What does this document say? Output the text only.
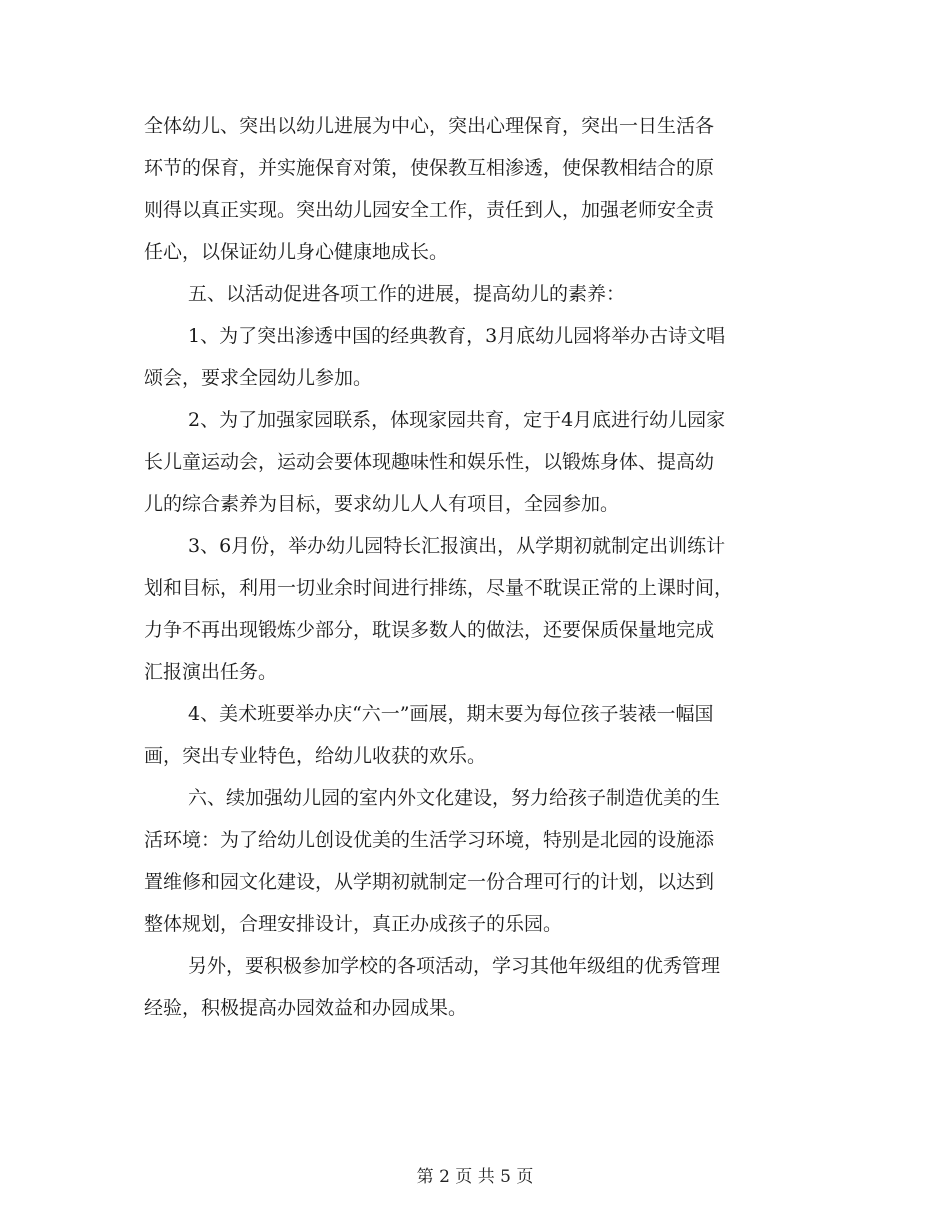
全体幼儿、突出以幼儿进展为中心，突出心理保育，突出一日生活各
环节的保育，并实施保育对策，使保教互相渗透，使保教相结合的原
则得以真正实现。突出幼儿园安全工作，责任到人，加强老师安全责
任心，以保证幼儿身心健康地成长。
五、以活动促进各项工作的进展，提高幼儿的素养：
1、为了突出渗透中国的经典教育，3月底幼儿园将举办古诗文唱
颂会，要求全园幼儿参加。
2、为了加强家园联系，体现家园共育，定于4月底进行幼儿园家
长儿童运动会，运动会要体现趣味性和娱乐性，以锻炼身体、提高幼
儿的综合素养为目标，要求幼儿人人有项目，全园参加。
3、6月份，举办幼儿园特长汇报演出，从学期初就制定出训练计
划和目标，利用一切业余时间进行排练，尽量不耽误正常的上课时间，
力争不再出现锻炼少部分，耽误多数人的做法，还要保质保量地完成
汇报演出任务。
4、美术班要举办庆“六一”画展，期末要为每位孩子装裱一幅国
画，突出专业特色，给幼儿收获的欢乐。
六、续加强幼儿园的室内外文化建设，努力给孩子制造优美的生
活环境：为了给幼儿创设优美的生活学习环境，特别是北园的设施添
置维修和园文化建设，从学期初就制定一份合理可行的计划，以达到
整体规划，合理安排设计，真正办成孩子的乐园。
另外，要积极参加学校的各项活动，学习其他年级组的优秀管理
经验，积极提高办园效益和办园成果。
第 2 页 共 5 页
